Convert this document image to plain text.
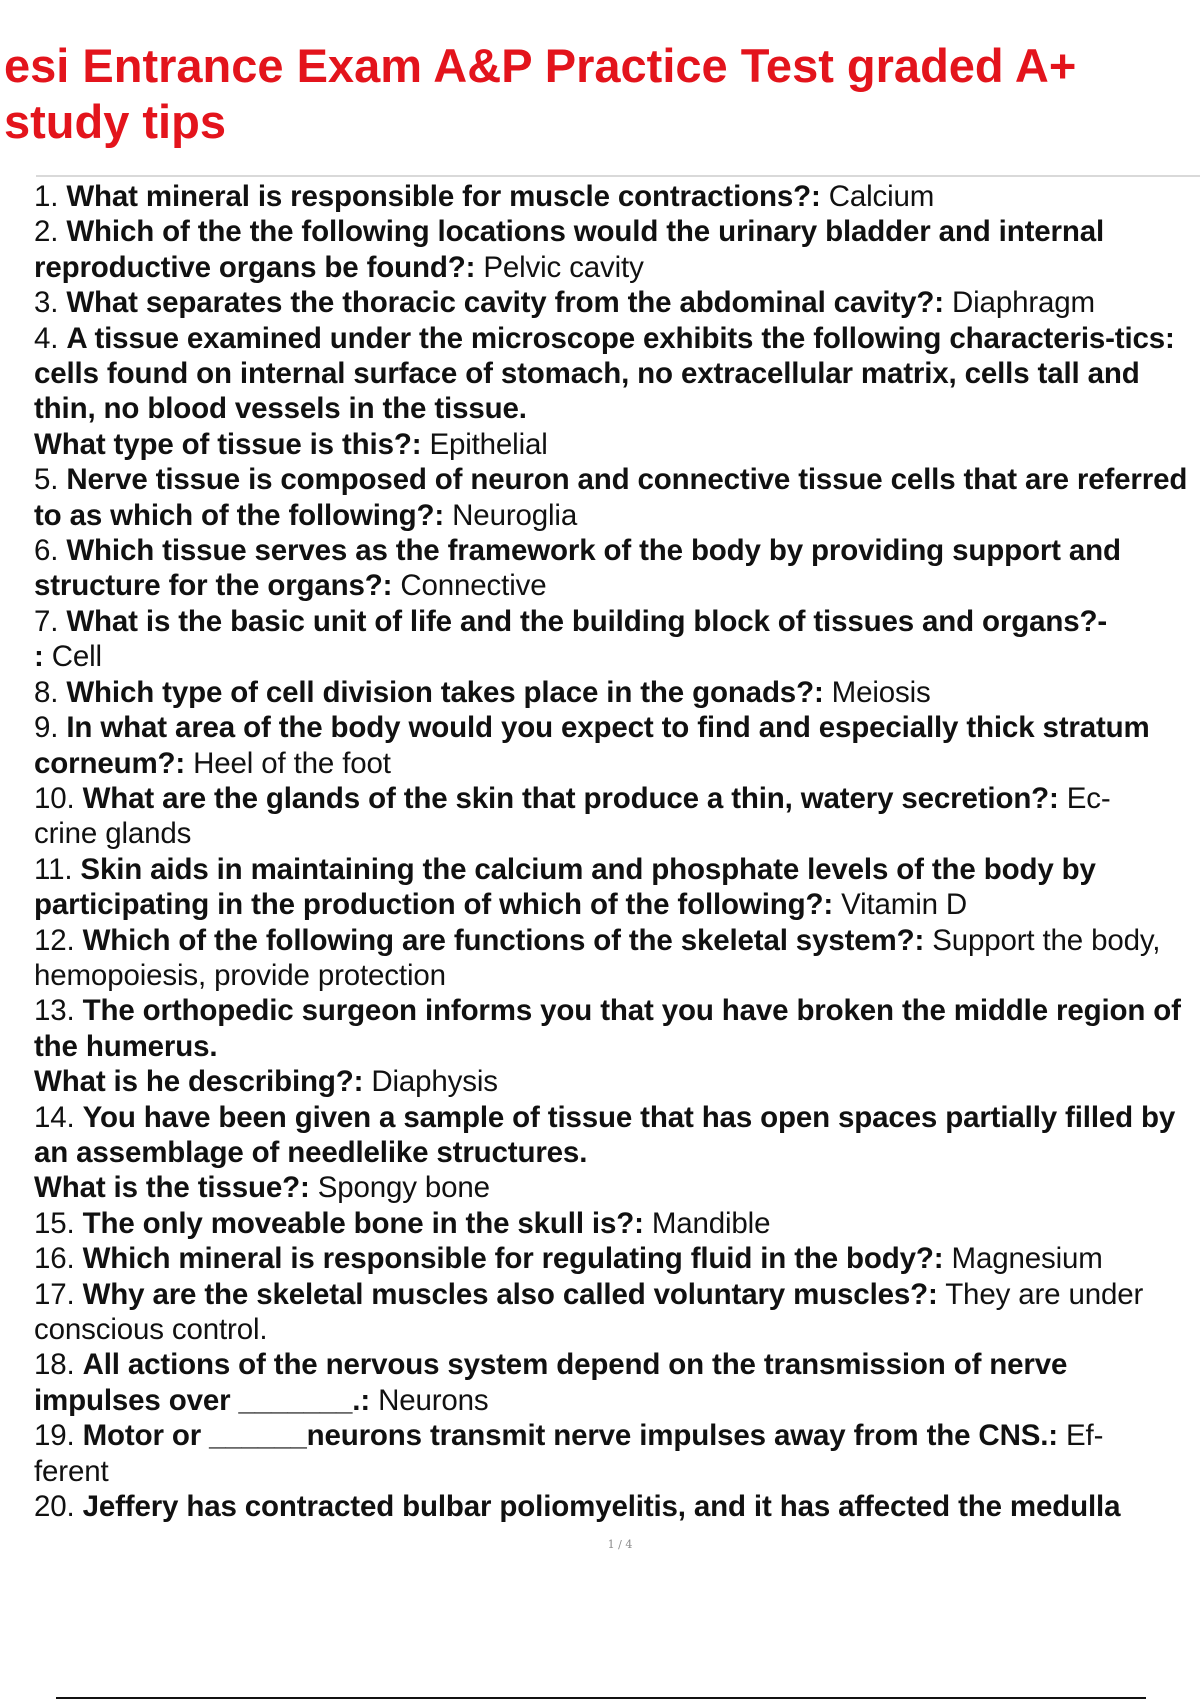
esi Entrance Exam A&P Practice Test graded A+ study tips
1. What mineral is responsible for muscle contractions?: Calcium
2. Which of the the following locations would the urinary bladder and internal reproductive organs be found?: Pelvic cavity
3. What separates the thoracic cavity from the abdominal cavity?: Diaphragm
4. A tissue examined under the microscope exhibits the following characteris-tics: cells found on internal surface of stomach, no extracellular matrix, cells tall and thin, no blood vessels in the tissue.
What type of tissue is this?: Epithelial
5. Nerve tissue is composed of neuron and connective tissue cells that are referred to as which of the following?: Neuroglia
6. Which tissue serves as the framework of the body by providing support and structure for the organs?: Connective
7. What is the basic unit of life and the building block of tissues and organs?-
: Cell
8. Which type of cell division takes place in the gonads?: Meiosis
9. In what area of the body would you expect to find and especially thick stratum corneum?: Heel of the foot
10. What are the glands of the skin that produce a thin, watery secretion?: Ec-
crine glands
11. Skin aids in maintaining the calcium and phosphate levels of the body by participating in the production of which of the following?: Vitamin D
12. Which of the following are functions of the skeletal system?: Support the body, hemopoiesis, provide protection
13. The orthopedic surgeon informs you that you have broken the middle region of the humerus.
What is he describing?: Diaphysis
14. You have been given a sample of tissue that has open spaces partially filled by an assemblage of needlelike structures.
What is the tissue?: Spongy bone
15. The only moveable bone in the skull is?: Mandible
16. Which mineral is responsible for regulating fluid in the body?: Magnesium
17. Why are the skeletal muscles also called voluntary muscles?: They are under conscious control.
18. All actions of the nervous system depend on the transmission of nerve impulses over _______.: Neurons
19. Motor or ______neurons transmit nerve impulses away from the CNS.: Ef-
ferent
20. Jeffery has contracted bulbar poliomyelitis, and it has affected the medulla
1 / 4
